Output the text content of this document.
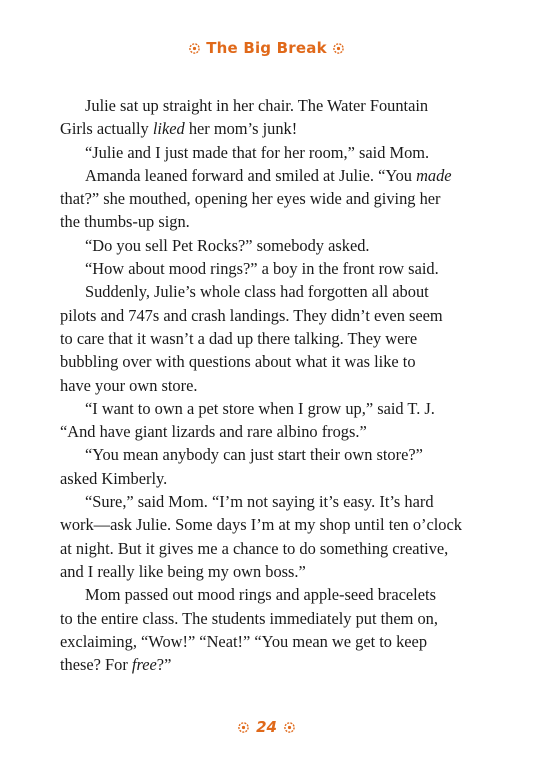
The Big Break

Julie sat up straight in her chair. The Water Fountain
Girls actually liked her mom’s junk!

“Julie and I just made that for her room,” said Mom.

Amanda leaned forward and smiled at Julie. “You made
that?” she mouthed, opening her eyes wide and giving her
the thumbs-up sign.

“Do you sell Pet Rocks?” somebody asked.

“How about mood rings?” a boy in the front row said.

Suddenly, Julie’s whole class had forgotten all about
pilots and 747s and crash landings. They didn’t even seem
to care that it wasn’t a dad up there talking. They were
bubbling over with questions about what it was like to
have your own store.

“I want to own a pet store when I grow up,” said T. J.
“And have giant lizards and rare albino frogs.”

“You mean anybody can just start their own store?”
asked Kimberly.

“Sure,” said Mom. “I’m not saying it’s easy. It’s hard
work—ask Julie. Some days I’m at my shop until ten o’clock
at night. But it gives me a chance to do something creative,
and I really like being my own boss.”

Mom passed out mood rings and apple-seed bracelets
to the entire class. The students immediately put them on,
exclaiming, “Wow!” “Neat!” “You mean we get to keep
these? For free?”

24
